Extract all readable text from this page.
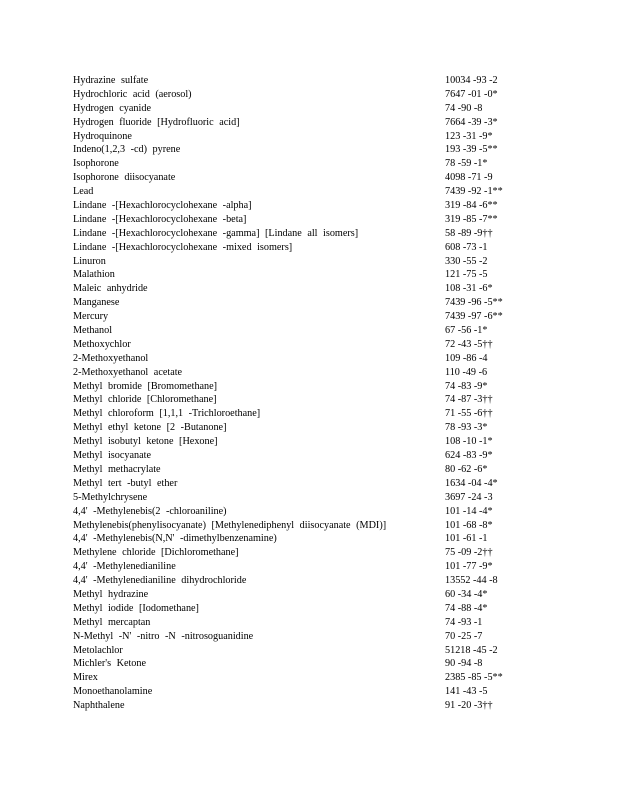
Hydrazine sulfate	10034 -93 -2
Hydrochloric acid (aerosol)	7647 -01 -0*
Hydrogen cyanide	74 -90 -8
Hydrogen fluoride [Hydrofluoric acid]	7664 -39 -3*
Hydroquinone	123 -31 -9*
Indeno(1,2,3 -cd) pyrene	193 -39 -5**
Isophorone	78 -59 -1*
Isophorone diisocyanate	4098 -71 -9
Lead	7439 -92 -1**
Lindane -[Hexachlorocyclohexane -alpha]	319 -84 -6**
Lindane -[Hexachlorocyclohexane -beta]	319 -85 -7**
Lindane -[Hexachlorocyclohexane -gamma] [Lindane all isomers]	58 -89 -9††
Lindane -[Hexachlorocyclohexane -mixed isomers]	608 -73 -1
Linuron	330 -55 -2
Malathion	121 -75 -5
Maleic anhydride	108 -31 -6*
Manganese	7439 -96 -5**
Mercury	7439 -97 -6**
Methanol	67 -56 -1*
Methoxychlor	72 -43 -5††
2-Methoxyethanol	109 -86 -4
2-Methoxyethanol acetate	110 -49 -6
Methyl bromide [Bromomethane]	74 -83 -9*
Methyl chloride [Chloromethane]	74 -87 -3††
Methyl chloroform [1,1,1 -Trichloroethane]	71 -55 -6††
Methyl ethyl ketone [2 -Butanone]	78 -93 -3*
Methyl isobutyl ketone [Hexone]	108 -10 -1*
Methyl isocyanate	624 -83 -9*
Methyl methacrylate	80 -62 -6*
Methyl tert -butyl ether	1634 -04 -4*
5-Methylchrysene	3697 -24 -3
4,4' -Methylenebis(2 -chloroaniline)	101 -14 -4*
Methylenebis(phenylisocyanate) [Methylenediphenyl diisocyanate (MDI)]	101 -68 -8*
4,4' -Methylenebis(N,N' -dimethylbenzenamine)	101 -61 -1
Methylene chloride [Dichloromethane]	75 -09 -2††
4,4' -Methylenedianiline	101 -77 -9*
4,4' -Methylenedianiline dihydrochloride	13552 -44 -8
Methyl hydrazine	60 -34 -4*
Methyl iodide [Iodomethane]	74 -88 -4*
Methyl mercaptan	74 -93 -1
N-Methyl -N' -nitro -N -nitrosoguanidine	70 -25 -7
Metolachlor	51218 -45 -2
Michler's Ketone	90 -94 -8
Mirex	2385 -85 -5**
Monoethanolamine	141 -43 -5
Naphthalene	91 -20 -3††
